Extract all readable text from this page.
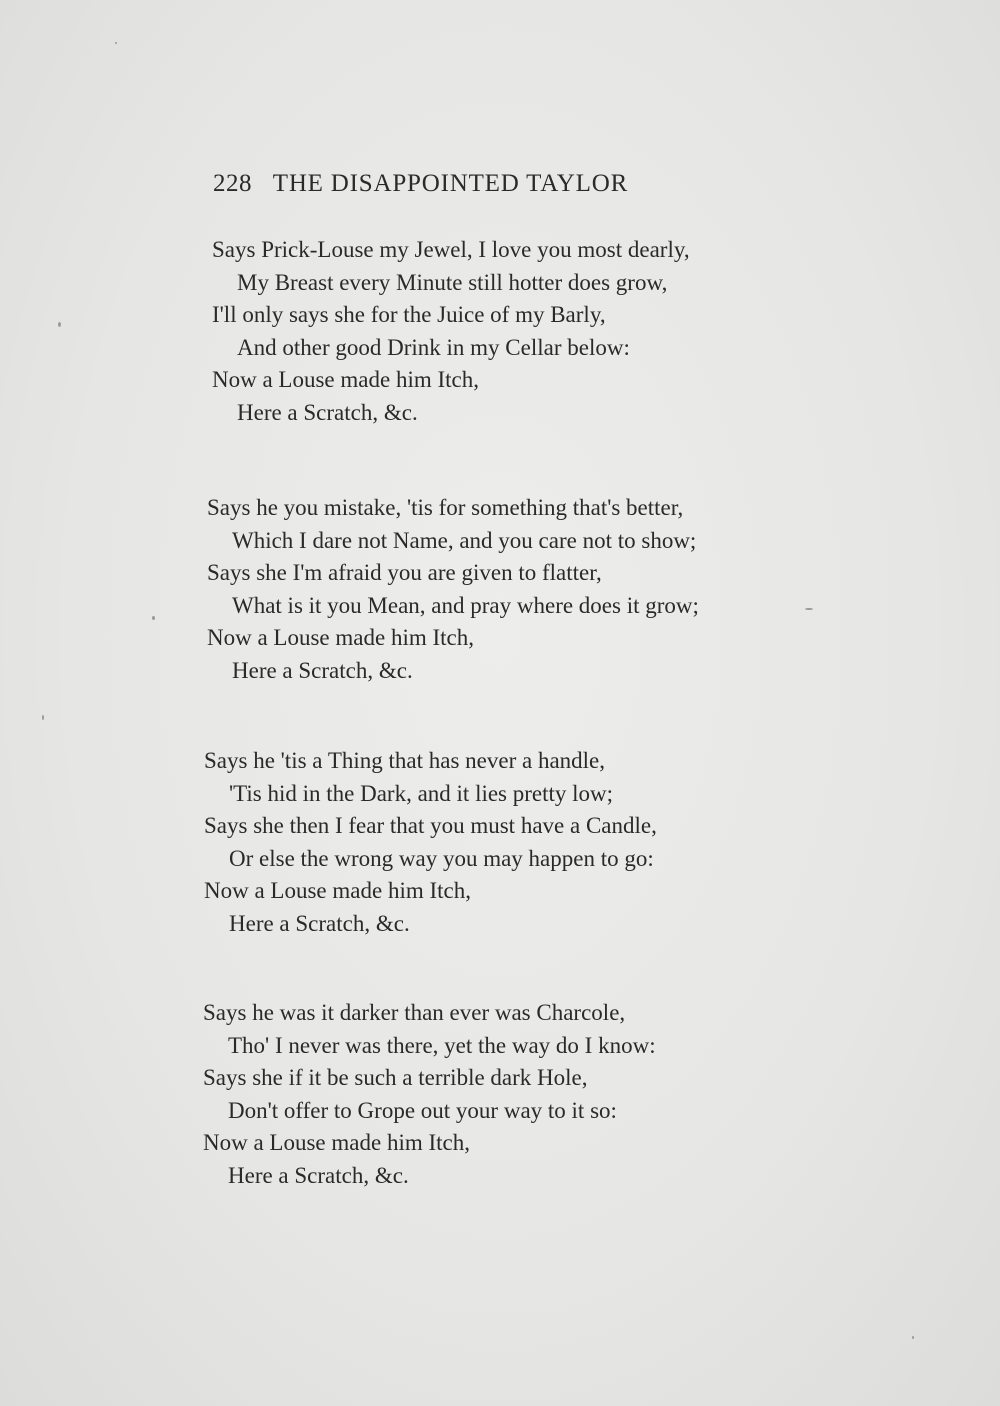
228 THE DISAPPOINTED TAYLOR
Says Prick-Louse my Jewel, I love you most dearly,
My Breast every Minute still hotter does grow,
I'll only says she for the Juice of my Barly,
And other good Drink in my Cellar below:
Now a Louse made him Itch,
Here a Scratch, &c.
Says he you mistake, 'tis for something that's better,
Which I dare not Name, and you care not to show;
Says she I'm afraid you are given to flatter,
What is it you Mean, and pray where does it grow;
Now a Louse made him Itch,
Here a Scratch, &c.
Says he 'tis a Thing that has never a handle,
'Tis hid in the Dark, and it lies pretty low;
Says she then I fear that you must have a Candle,
Or else the wrong way you may happen to go:
Now a Louse made him Itch,
Here a Scratch, &c.
Says he was it darker than ever was Charcole,
Tho' I never was there, yet the way do I know:
Says she if it be such a terrible dark Hole,
Don't offer to Grope out your way to it so:
Now a Louse made him Itch,
Here a Scratch, &c.
